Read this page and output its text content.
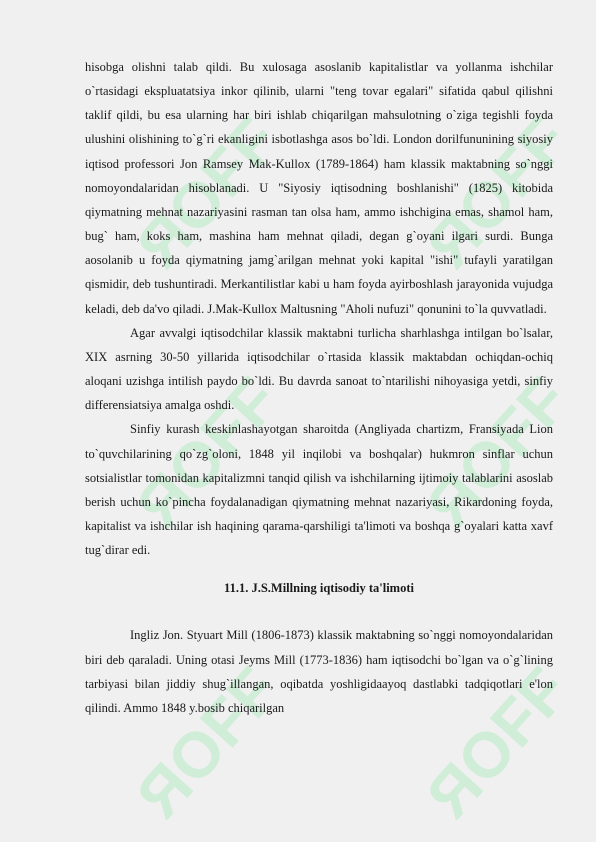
ЯOFF ЯOFF
ЯOFF ЯOFF
ЯOFF ЯOFF

hisobga olishni talab qildi. Bu xulosaga asoslanib kapitalistlar va yollanma ishchilar o`rtasidagi ekspluatatsiya inkor qilinib, ularni "teng tovar egalari" sifatida qabul qilishni taklif qildi, bu esa ularning har biri ishlab chiqarilgan mahsulotning o`ziga tegishli foyda ulushini olishining to`g`ri ekanligini isbotlashga asos bo`ldi. London dorilfununining siyosiy iqtisod professori Jon Ramsey Mak-Kullox (1789-1864) ham klassik maktabning so`nggi nomoyondalaridan hisoblanadi. U "Siyosiy iqtisodning boshlanishi" (1825) kitobida qiymatning mehnat nazariyasini rasman tan olsa ham, ammo ishchigina emas, shamol ham, bug` ham, koks ham, mashina ham mehnat qiladi, degan g`oyani ilgari surdi. Bunga aosolanib u foyda qiymatning jamg`arilgan mehnat yoki kapital "ishi" tufayli yaratilgan qismidir, deb tushuntiradi. Merkantilistlar kabi u ham foyda ayirboshlash jarayonida vujudga keladi, deb da'vo qiladi. J.Mak-Kullox Maltusning "Aholi nufuzi" qonunini to`la quvvatladi.

Agar avvalgi iqtisodchilar klassik maktabni turlicha sharhlashga intilgan bo`lsalar, XIX asrning 30-50 yillarida iqtisodchilar o`rtasida klassik maktabdan ochiqdan-ochiq aloqani uzishga intilish paydo bo`ldi. Bu davrda sanoat to`ntarilishi nihoyasiga yetdi, sinfiy differensiatsiya amalga oshdi.

Sinfiy kurash keskinlashayotgan sharoitda (Angliyada chartizm, Fransiyada Lion to`quvchilarining qo`zg`oloni, 1848 yil inqilobi va boshqalar) hukmron sinflar uchun sotsialistlar tomonidan kapitalizmni tanqid qilish va ishchilarning ijtimoiy talablarini asoslab berish uchun ko`pincha foydalanadigan qiymatning mehnat nazariyasi, Rikardoning foyda, kapitalist va ishchilar ish haqining qarama-qarshiligi ta'limoti va boshqa g`oyalari katta xavf tug`dirar edi.

11.1. J.S.Millning iqtisodiy ta'limoti

Ingliz Jon. Styuart Mill (1806-1873) klassik maktabning so`nggi nomoyondalaridan biri deb qaraladi. Uning otasi Jeyms Mill (1773-1836) ham iqtisodchi bo`lgan va o`g`lining tarbiyasi bilan jiddiy shug`illangan, oqibatda yoshligidaayoq dastlabki tadqiqotlari e'lon qilindi. Ammo 1848 y.bosib chiqarilgan
